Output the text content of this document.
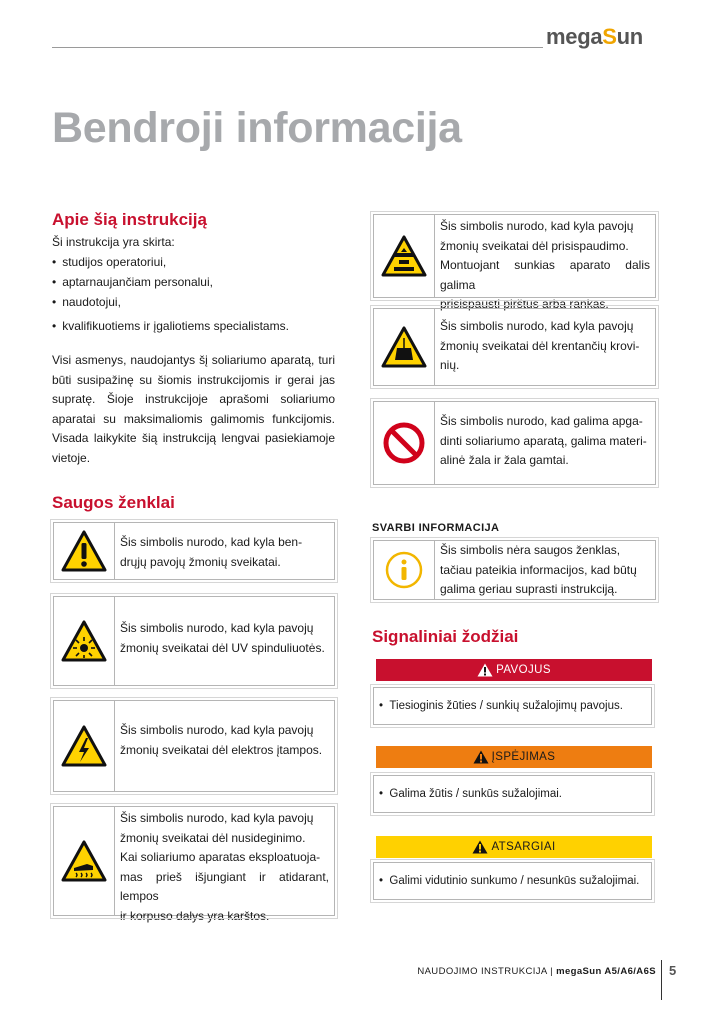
megaSun
Bendroji informacija
Apie šią instrukciją
Ši instrukcija yra skirta:
• studijos operatoriui,
• aptarnaujančiam personalui,
• naudotojui,
• kvalifikuotiems ir įgaliotiems specialistams.
Visi asmenys, naudojantys šį soliariumo aparatą, turi būti susipažinę su šiomis instrukcijomis ir gerai jas supratę. Šioje instrukcijoje aprašomi soliariumo aparatai su maksimaliomis galimomis funkcijomis. Visada laikykite šią instrukciją lengvai pasiekiamoje vietoje.
Saugos ženklai
Šis simbolis nurodo, kad kyla ben-
drųjų pavojų žmonių sveikatai.
Šis simbolis nurodo, kad kyla pavojų
žmonių sveikatai dėl UV spinduliuotės.
Šis simbolis nurodo, kad kyla pavojų
žmonių sveikatai dėl elektros įtampos.
Šis simbolis nurodo, kad kyla pavojų
žmonių sveikatai dėl nusideginimo.
Kai soliariumo aparatas eksploatuoja-
mas prieš išjungiant ir atidarant, lempos
ir korpuso dalys yra karštos.
Šis simbolis nurodo, kad kyla pavojų
žmonių sveikatai dėl prisispaudimo.
Montuojant sunkias aparato dalis galima
prisispausti pirštus arba rankas.
Šis simbolis nurodo, kad kyla pavojų
žmonių sveikatai dėl krentančių krovi-
nių.
Šis simbolis nurodo, kad galima apga-
dinti soliariumo aparatą, galima materi-
alinė žala ir žala gamtai.
SVARBI INFORMACIJA
Šis simbolis nėra saugos ženklas,
tačiau pateikia informacijos, kad būtų
galima geriau suprasti instrukciją.
Signaliniai žodžiai
PAVOJUS
• Tiesioginis žūties / sunkių sužalojimų pavojus.
ĮSPĖJIMAS
• Galima žūtis / sunkūs sužalojimai.
ATSARGIAI
• Galimi vidutinio sunkumo / nesunkūs sužalojimai.
NAUDOJIMO INSTRUKCIJA | megaSun A5/A6/A6S 5
